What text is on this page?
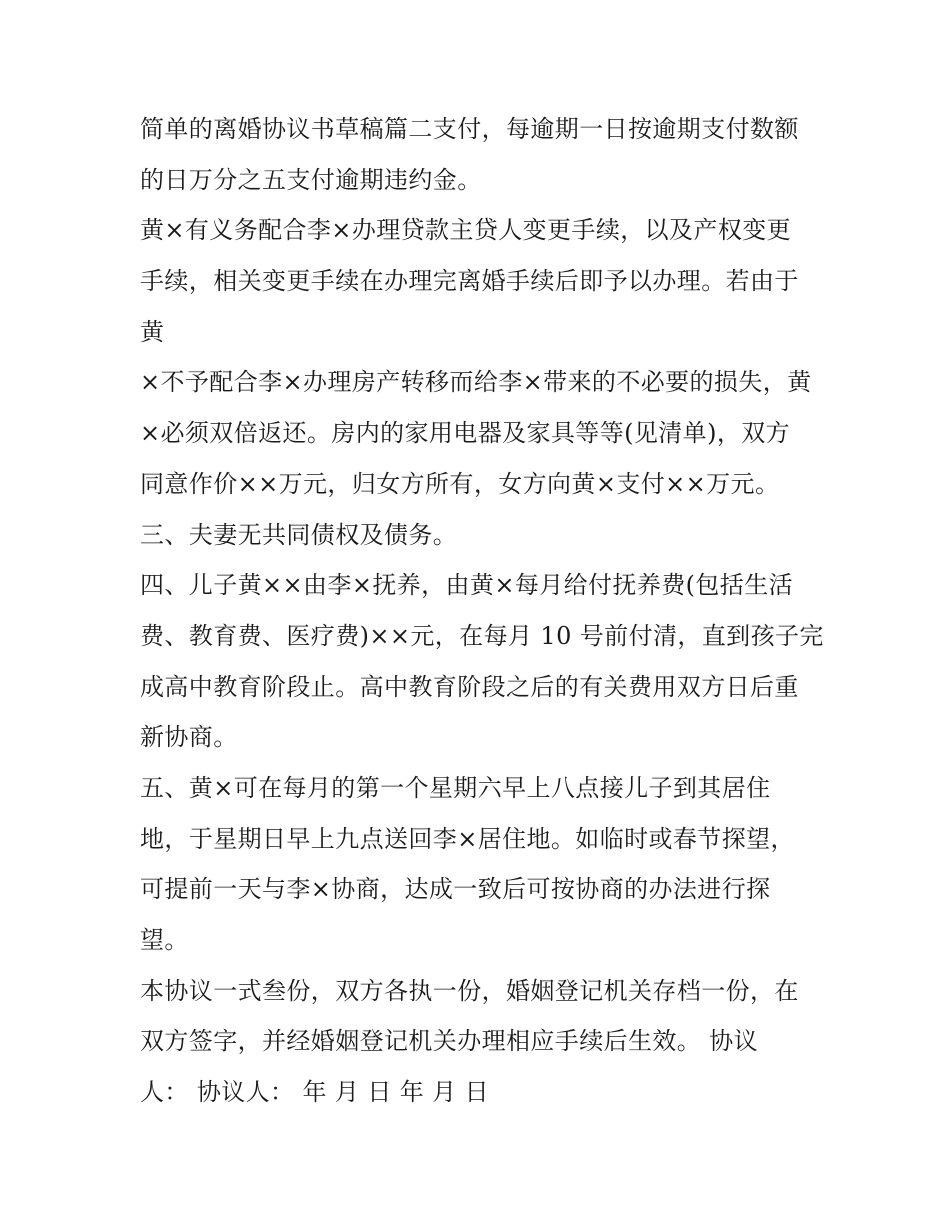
简单的离婚协议书草稿篇二支付，每逾期一日按逾期支付数额
的日万分之五支付逾期违约金。
黄×有义务配合李×办理贷款主贷人变更手续，以及产权变更
手续，相关变更手续在办理完离婚手续后即予以办理。若由于
黄
×不予配合李×办理房产转移而给李×带来的不必要的损失，黄
×必须双倍返还。房内的家用电器及家具等等(见清单)，双方
同意作价××万元，归女方所有，女方向黄×支付××万元。
三、夫妻无共同债权及债务。
四、儿子黄××由李×抚养，由黄×每月给付抚养费(包括生活
费、教育费、医疗费)××元，在每月 10 号前付清，直到孩子完
成高中教育阶段止。高中教育阶段之后的有关费用双方日后重
新协商。
五、黄×可在每月的第一个星期六早上八点接儿子到其居住
地，于星期日早上九点送回李×居住地。如临时或春节探望，
可提前一天与李×协商，达成一致后可按协商的办法进行探
望。
本协议一式叁份，双方各执一份，婚姻登记机关存档一份，在
双方签字，并经婚姻登记机关办理相应手续后生效。 协议
人： 协议人： 年 月 日 年 月 日
